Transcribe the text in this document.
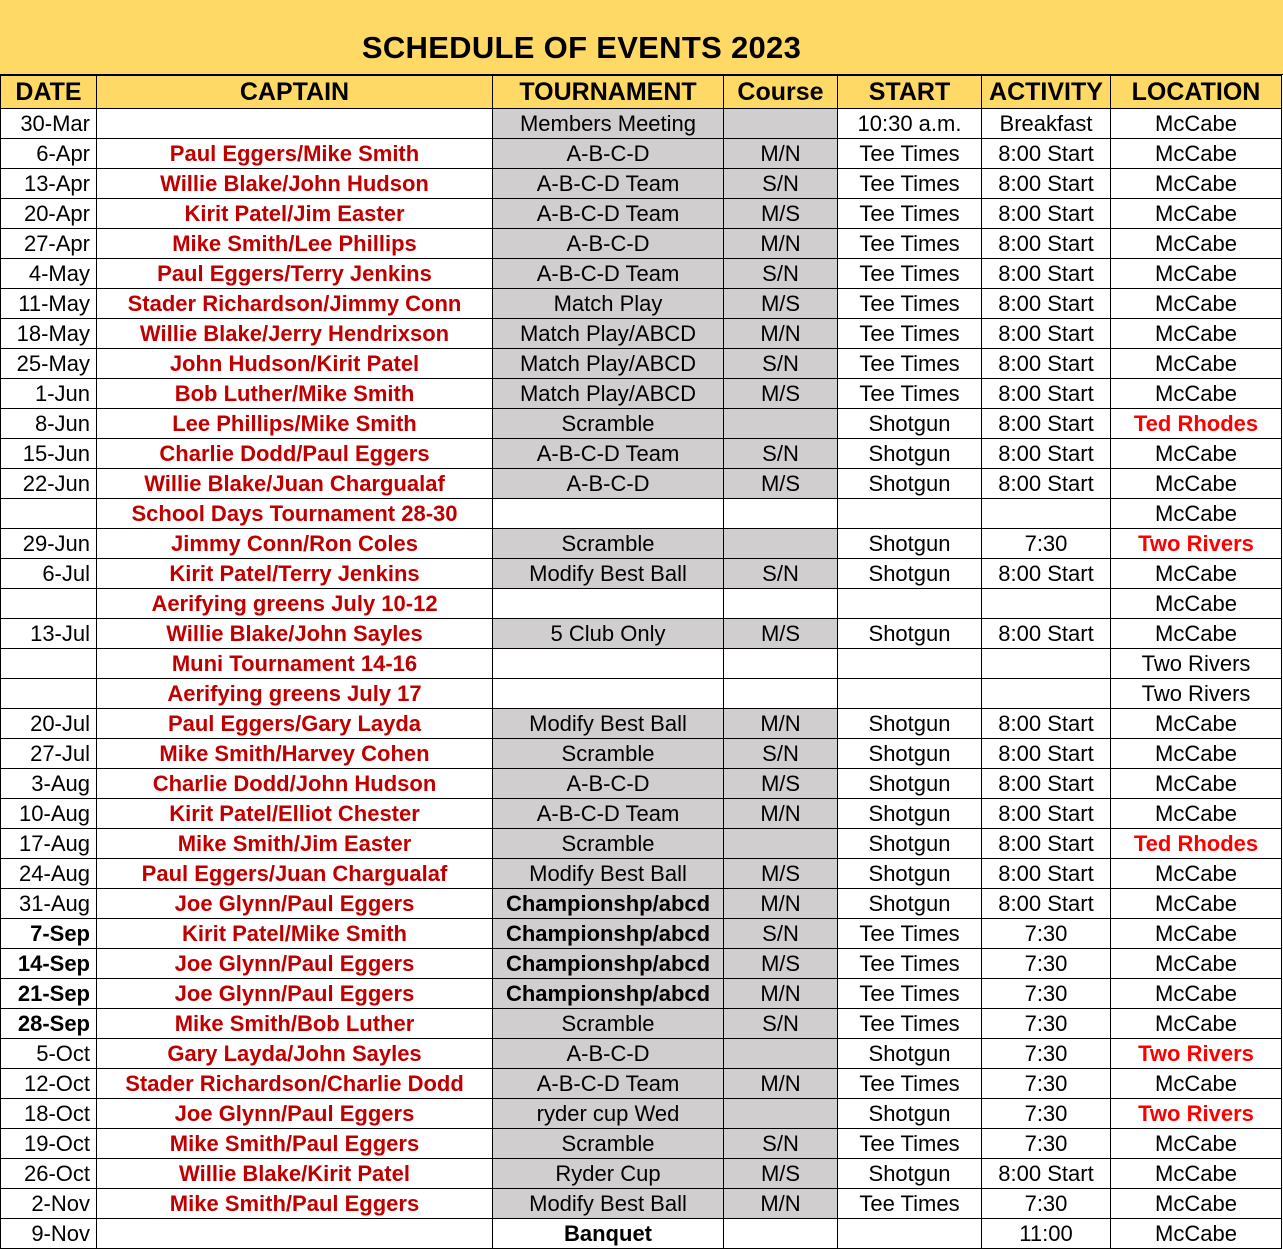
SCHEDULE OF EVENTS 2023
DATE	CAPTAIN	TOURNAMENT	Course	START	ACTIVITY	LOCATION
30-Mar		Members Meeting		10:30 a.m.	Breakfast	McCabe
6-Apr	Paul Eggers/Mike Smith	A-B-C-D	M/N	Tee Times	8:00 Start	McCabe
13-Apr	Willie Blake/John Hudson	A-B-C-D Team	S/N	Tee Times	8:00 Start	McCabe
20-Apr	Kirit Patel/Jim Easter	A-B-C-D Team	M/S	Tee Times	8:00 Start	McCabe
27-Apr	Mike Smith/Lee Phillips	A-B-C-D	M/N	Tee Times	8:00 Start	McCabe
4-May	Paul Eggers/Terry Jenkins	A-B-C-D Team	S/N	Tee Times	8:00 Start	McCabe
11-May	Stader Richardson/Jimmy Conn	Match Play	M/S	Tee Times	8:00 Start	McCabe
18-May	Willie Blake/Jerry Hendrixson	Match Play/ABCD	M/N	Tee Times	8:00 Start	McCabe
25-May	John Hudson/Kirit Patel	Match Play/ABCD	S/N	Tee Times	8:00 Start	McCabe
1-Jun	Bob Luther/Mike Smith	Match Play/ABCD	M/S	Tee Times	8:00 Start	McCabe
8-Jun	Lee Phillips/Mike Smith	Scramble		Shotgun	8:00 Start	Ted Rhodes
15-Jun	Charlie Dodd/Paul Eggers	A-B-C-D Team	S/N	Shotgun	8:00 Start	McCabe
22-Jun	Willie Blake/Juan Chargualaf	A-B-C-D	M/S	Shotgun	8:00 Start	McCabe
	School Days Tournament 28-30					McCabe
29-Jun	Jimmy Conn/Ron Coles	Scramble		Shotgun	7:30	Two Rivers
6-Jul	Kirit Patel/Terry Jenkins	Modify Best Ball	S/N	Shotgun	8:00 Start	McCabe
	Aerifying greens July 10-12					McCabe
13-Jul	Willie Blake/John Sayles	5 Club Only	M/S	Shotgun	8:00 Start	McCabe
	Muni Tournament 14-16					Two Rivers
	Aerifying greens July 17					Two Rivers
20-Jul	Paul Eggers/Gary Layda	Modify Best Ball	M/N	Shotgun	8:00 Start	McCabe
27-Jul	Mike Smith/Harvey Cohen	Scramble	S/N	Shotgun	8:00 Start	McCabe
3-Aug	Charlie Dodd/John Hudson	A-B-C-D	M/S	Shotgun	8:00 Start	McCabe
10-Aug	Kirit Patel/Elliot Chester	A-B-C-D Team	M/N	Shotgun	8:00 Start	McCabe
17-Aug	Mike Smith/Jim Easter	Scramble		Shotgun	8:00 Start	Ted Rhodes
24-Aug	Paul Eggers/Juan Chargualaf	Modify Best Ball	M/S	Shotgun	8:00 Start	McCabe
31-Aug	Joe Glynn/Paul Eggers	Championshp/abcd	M/N	Shotgun	8:00 Start	McCabe
7-Sep	Kirit Patel/Mike Smith	Championshp/abcd	S/N	Tee Times	7:30	McCabe
14-Sep	Joe Glynn/Paul Eggers	Championshp/abcd	M/S	Tee Times	7:30	McCabe
21-Sep	Joe Glynn/Paul Eggers	Championshp/abcd	M/N	Tee Times	7:30	McCabe
28-Sep	Mike Smith/Bob Luther	Scramble	S/N	Tee Times	7:30	McCabe
5-Oct	Gary Layda/John Sayles	A-B-C-D		Shotgun	7:30	Two Rivers
12-Oct	Stader Richardson/Charlie Dodd	A-B-C-D Team	M/N	Tee Times	7:30	McCabe
18-Oct	Joe Glynn/Paul Eggers	ryder cup Wed		Shotgun	7:30	Two Rivers
19-Oct	Mike Smith/Paul Eggers	Scramble	S/N	Tee Times	7:30	McCabe
26-Oct	Willie Blake/Kirit Patel	Ryder Cup	M/S	Shotgun	8:00 Start	McCabe
2-Nov	Mike Smith/Paul Eggers	Modify Best Ball	M/N	Tee Times	7:30	McCabe
9-Nov		Banquet			11:00	McCabe
